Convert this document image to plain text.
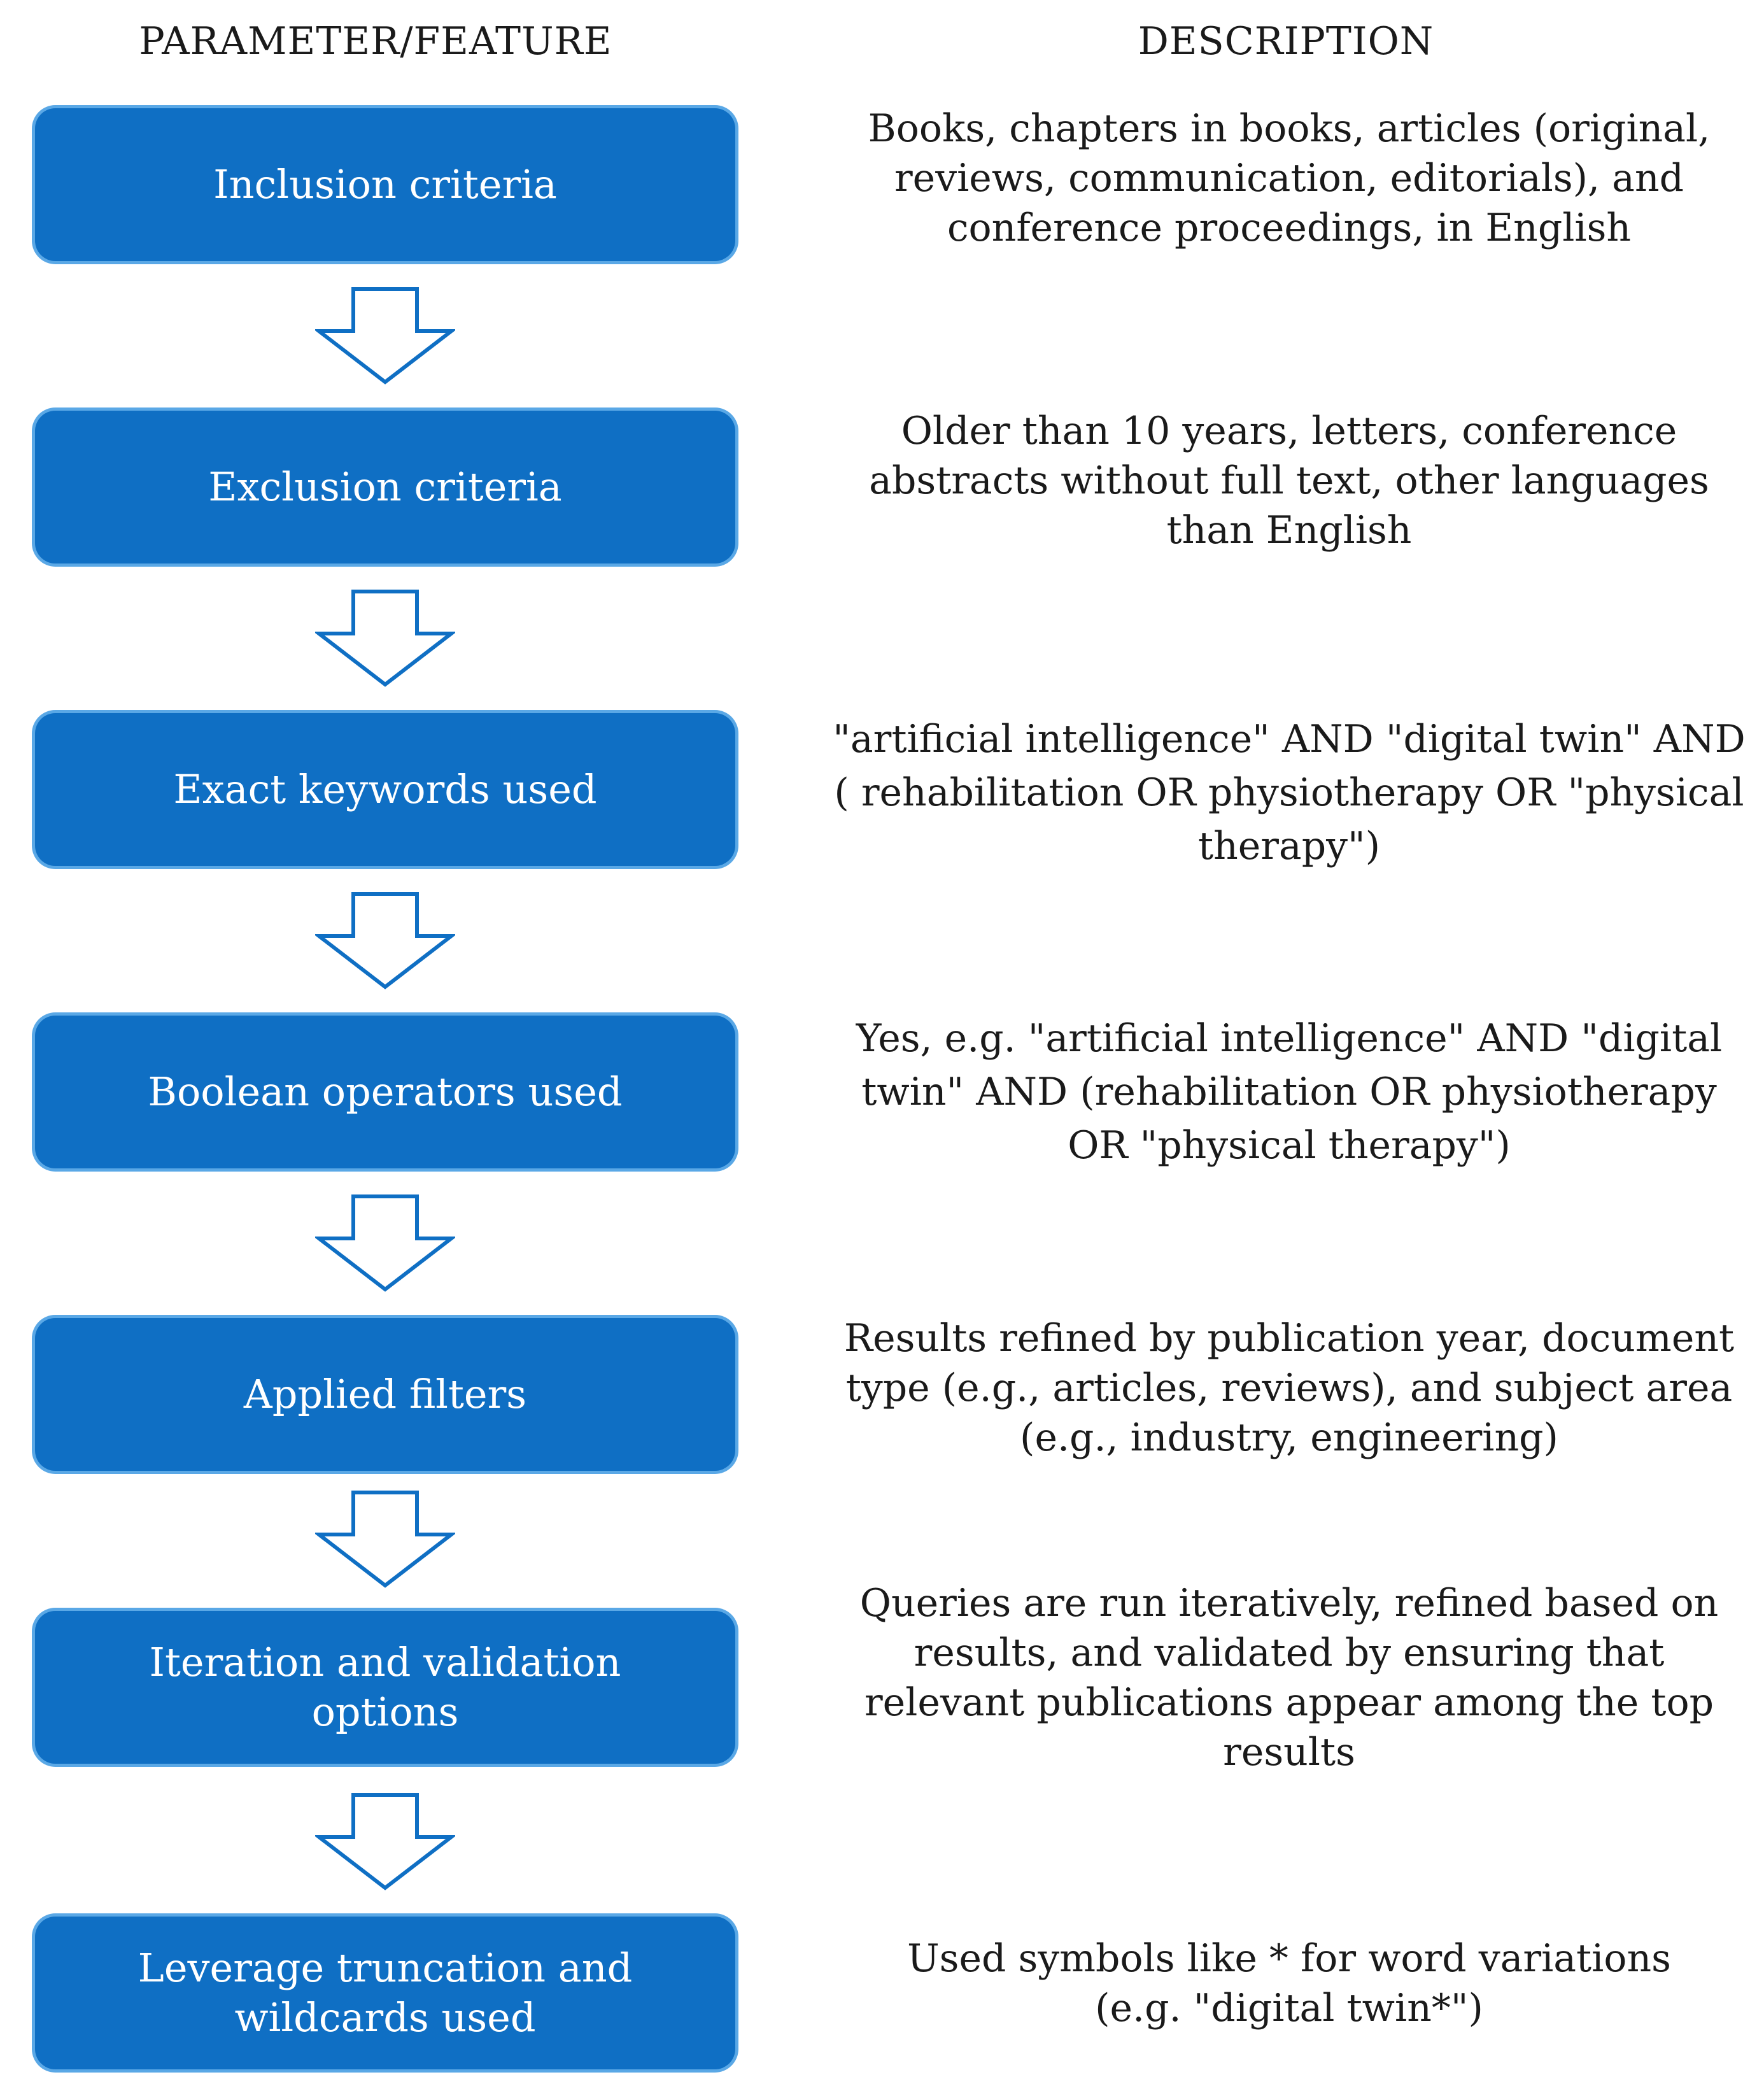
PARAMETER/FEATURE	DESCRIPTION
Inclusion criteria
Books, chapters in books, articles (original, reviews, communication, editorials), and conference proceedings, in English
Exclusion criteria
Older than 10 years, letters, conference abstracts without full text, other languages than English
Exact keywords used
"artificial intelligence" AND "digital twin" AND ( rehabilitation OR physiotherapy OR "physical therapy")
Boolean operators used
Yes, e.g. "artificial intelligence" AND "digital twin" AND (rehabilitation OR physiotherapy OR "physical therapy")
Applied filters
Results refined by publication year, document type (e.g., articles, reviews), and subject area (e.g., industry, engineering)
Iteration and validation options
Queries are run iteratively, refined based on results, and validated by ensuring that relevant publications appear among the top results
Leverage truncation and wildcards used
Used symbols like * for word variations (e.g. "digital twin*")
